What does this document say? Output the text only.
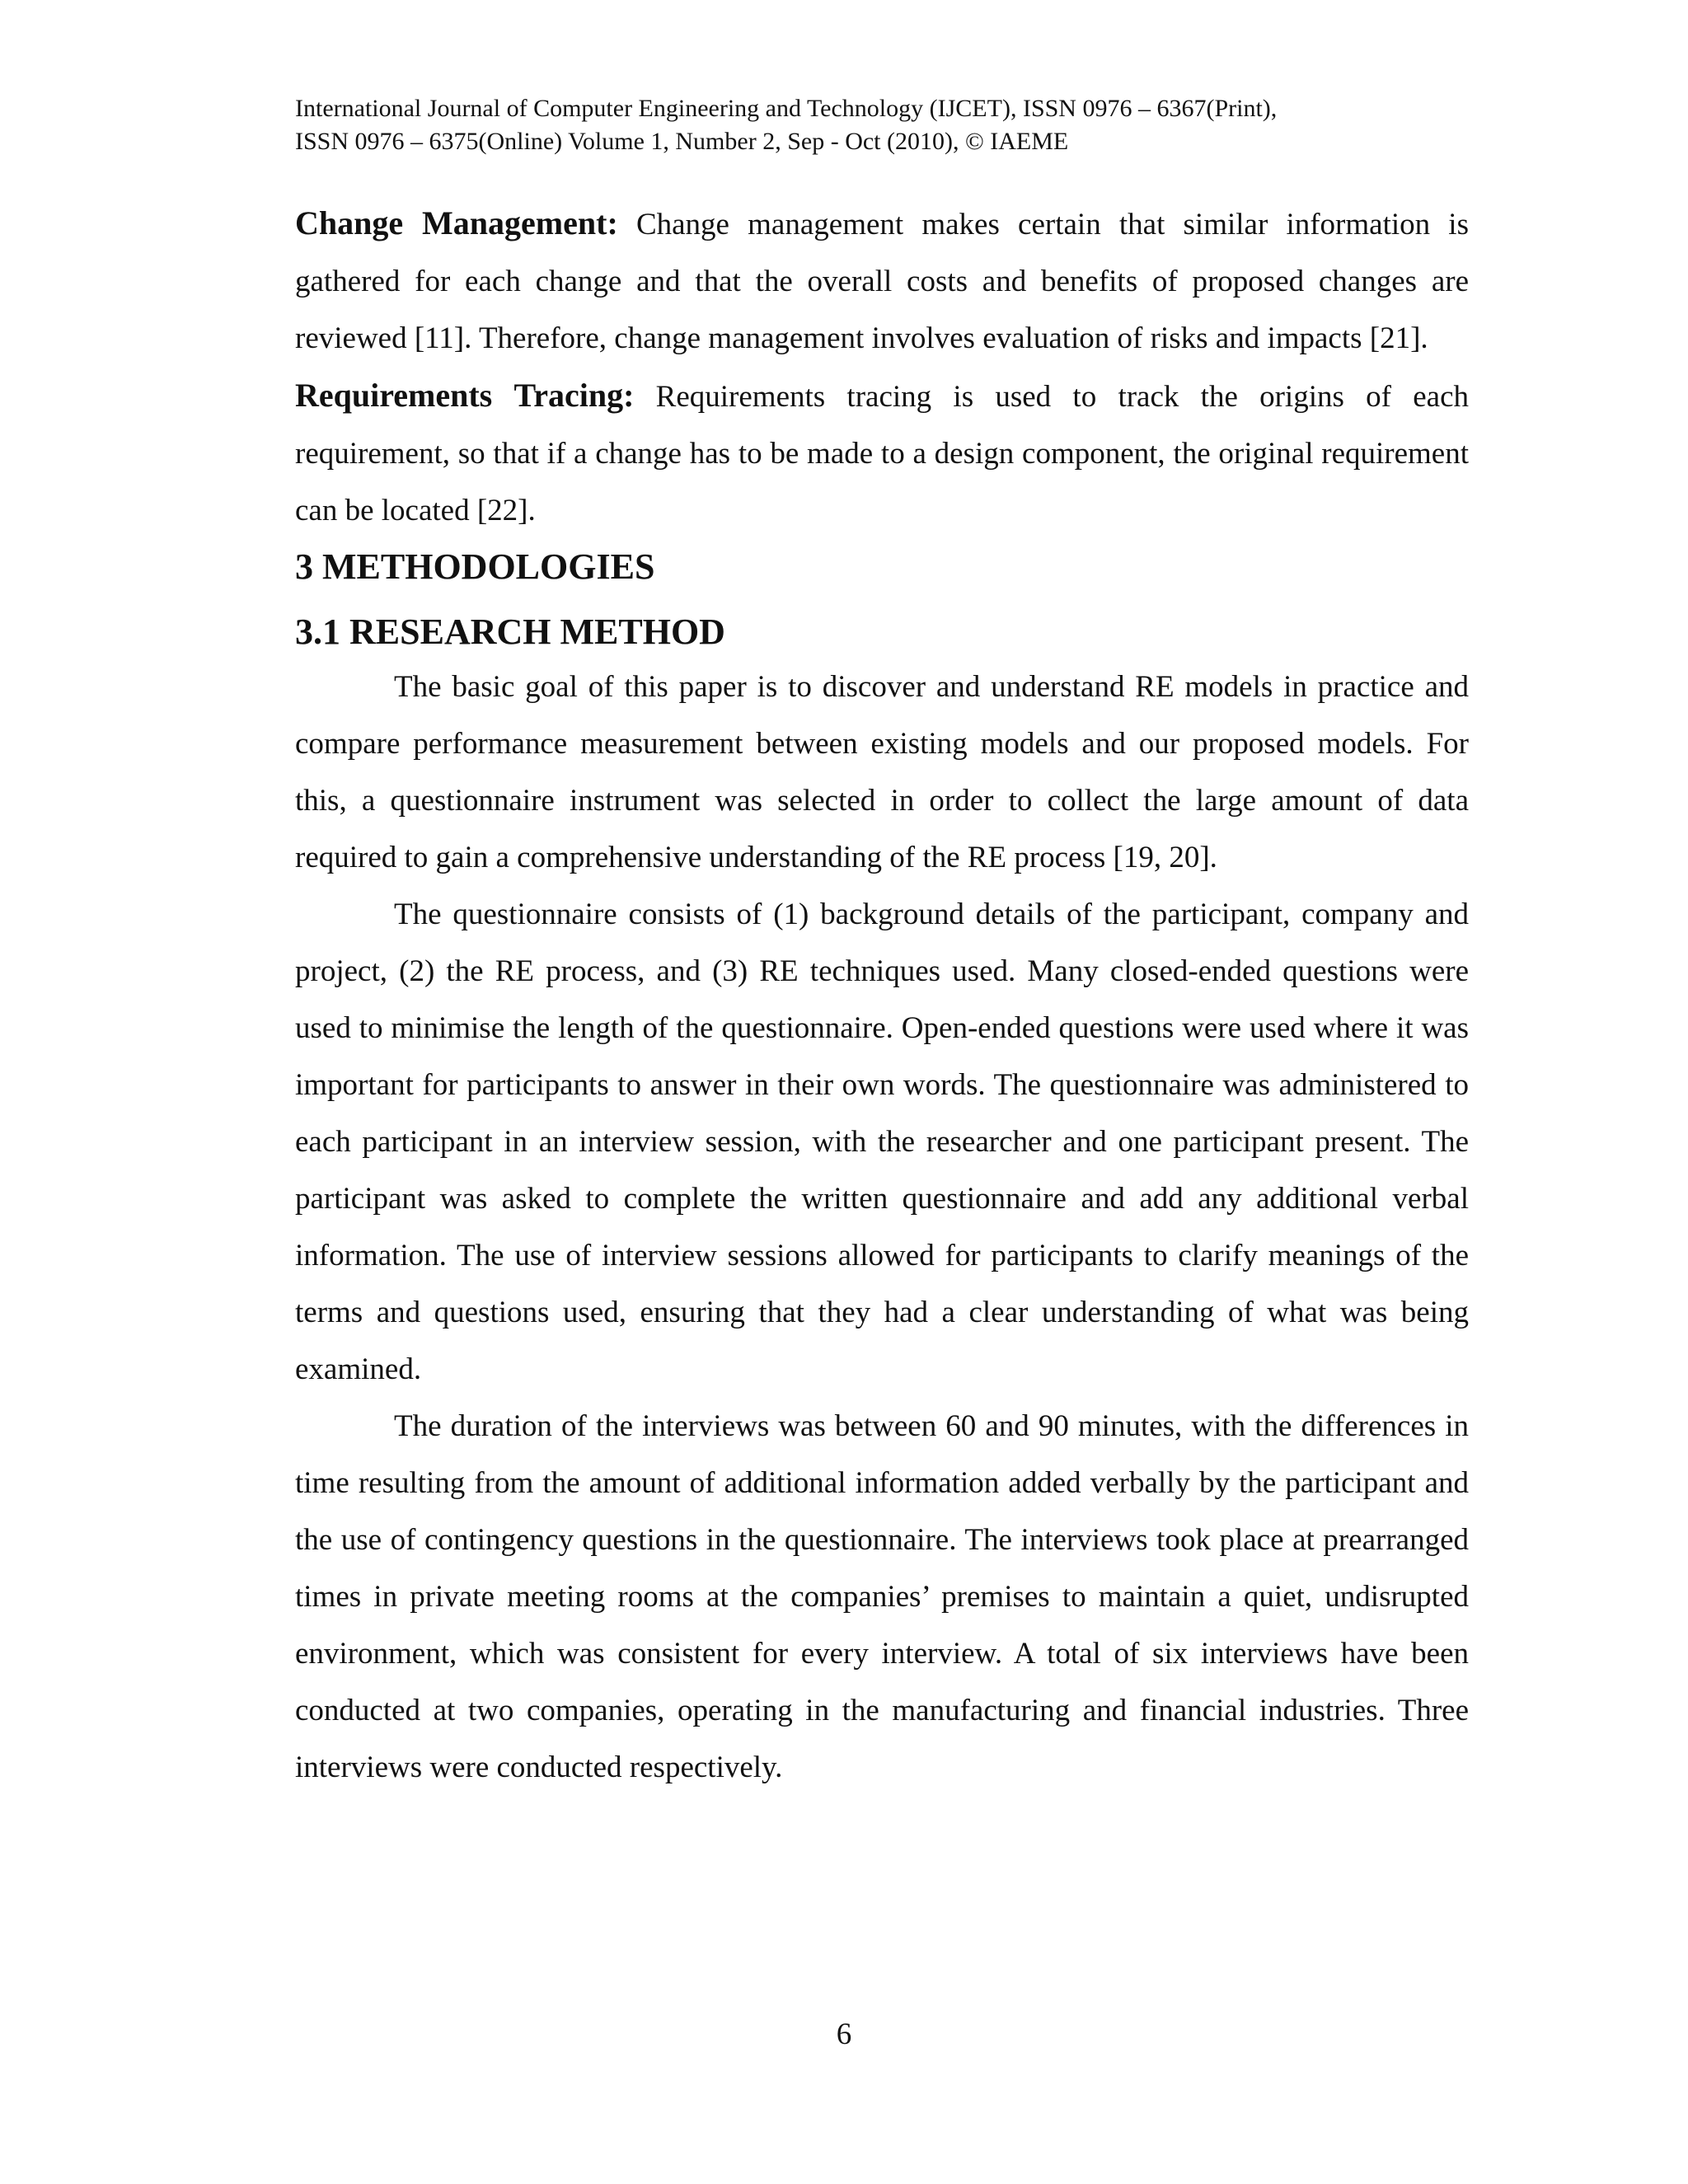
International Journal of Computer Engineering and Technology (IJCET), ISSN 0976 – 6367(Print),
ISSN 0976 – 6375(Online) Volume 1, Number 2, Sep - Oct (2010), © IAEME

Change Management: Change management makes certain that similar information is gathered for each change and that the overall costs and benefits of proposed changes are reviewed [11]. Therefore, change management involves evaluation of risks and impacts [21].

Requirements Tracing: Requirements tracing is used to track the origins of each requirement, so that if a change has to be made to a design component, the original requirement can be located [22].

3 METHODOLOGIES
3.1 RESEARCH METHOD

The basic goal of this paper is to discover and understand RE models in practice and compare performance measurement between existing models and our proposed models. For this, a questionnaire instrument was selected in order to collect the large amount of data required to gain a comprehensive understanding of the RE process [19, 20].

The questionnaire consists of (1) background details of the participant, company and project, (2) the RE process, and (3) RE techniques used. Many closed-ended questions were used to minimise the length of the questionnaire. Open-ended questions were used where it was important for participants to answer in their own words. The questionnaire was administered to each participant in an interview session, with the researcher and one participant present. The participant was asked to complete the written questionnaire and add any additional verbal information. The use of interview sessions allowed for participants to clarify meanings of the terms and questions used, ensuring that they had a clear understanding of what was being examined.

The duration of the interviews was between 60 and 90 minutes, with the differences in time resulting from the amount of additional information added verbally by the participant and the use of contingency questions in the questionnaire. The interviews took place at prearranged times in private meeting rooms at the companies’ premises to maintain a quiet, undisrupted environment, which was consistent for every interview. A total of six interviews have been conducted at two companies, operating in the manufacturing and financial industries. Three interviews were conducted respectively.

6
